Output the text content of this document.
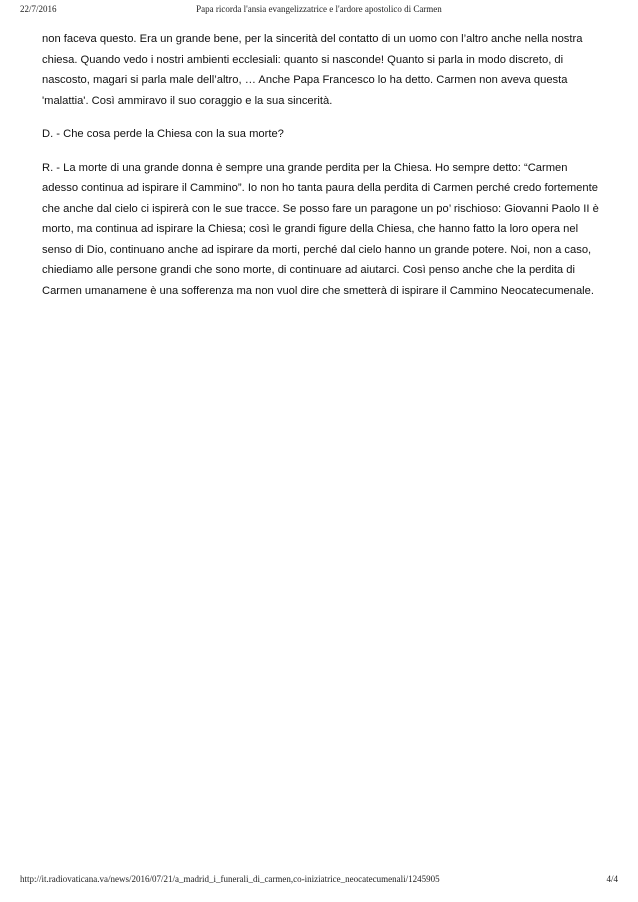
22/7/2016	Papa ricorda l'ansia evangelizzatrice e l'ardore apostolico di Carmen

non faceva questo. Era un grande bene, per la sincerità del contatto di un uomo con l’altro anche nella nostra chiesa. Quando vedo i nostri ambienti ecclesiali: quanto si nasconde! Quanto si parla in modo discreto, di nascosto, magari si parla male dell’altro, … Anche Papa Francesco lo ha detto. Carmen non aveva questa 'malattia'. Così ammiravo il suo coraggio e la sua sincerità.

D. - Che cosa perde la Chiesa con la sua morte?

R. - La morte di una grande donna è sempre una grande perdita per la Chiesa. Ho sempre detto: “Carmen adesso continua ad ispirare il Cammino”. Io non ho tanta paura della perdita di Carmen perché credo fortemente che anche dal cielo ci ispirerà con le sue tracce. Se posso fare un paragone un po’ rischioso: Giovanni Paolo II è morto, ma continua ad ispirare la Chiesa; così le grandi figure della Chiesa, che hanno fatto la loro opera nel senso di Dio, continuano anche ad ispirare da morti, perché dal cielo hanno un grande potere. Noi, non a caso, chiediamo alle persone grandi che sono morte, di continuare ad aiutarci. Così penso anche che la perdita di Carmen umanamene è una sofferenza ma non vuol dire che smetterà di ispirare il Cammino Neocatecumenale.

http://it.radiovaticana.va/news/2016/07/21/a_madrid_i_funerali_di_carmen,co-iniziatrice_neocatecumenali/1245905	4/4
